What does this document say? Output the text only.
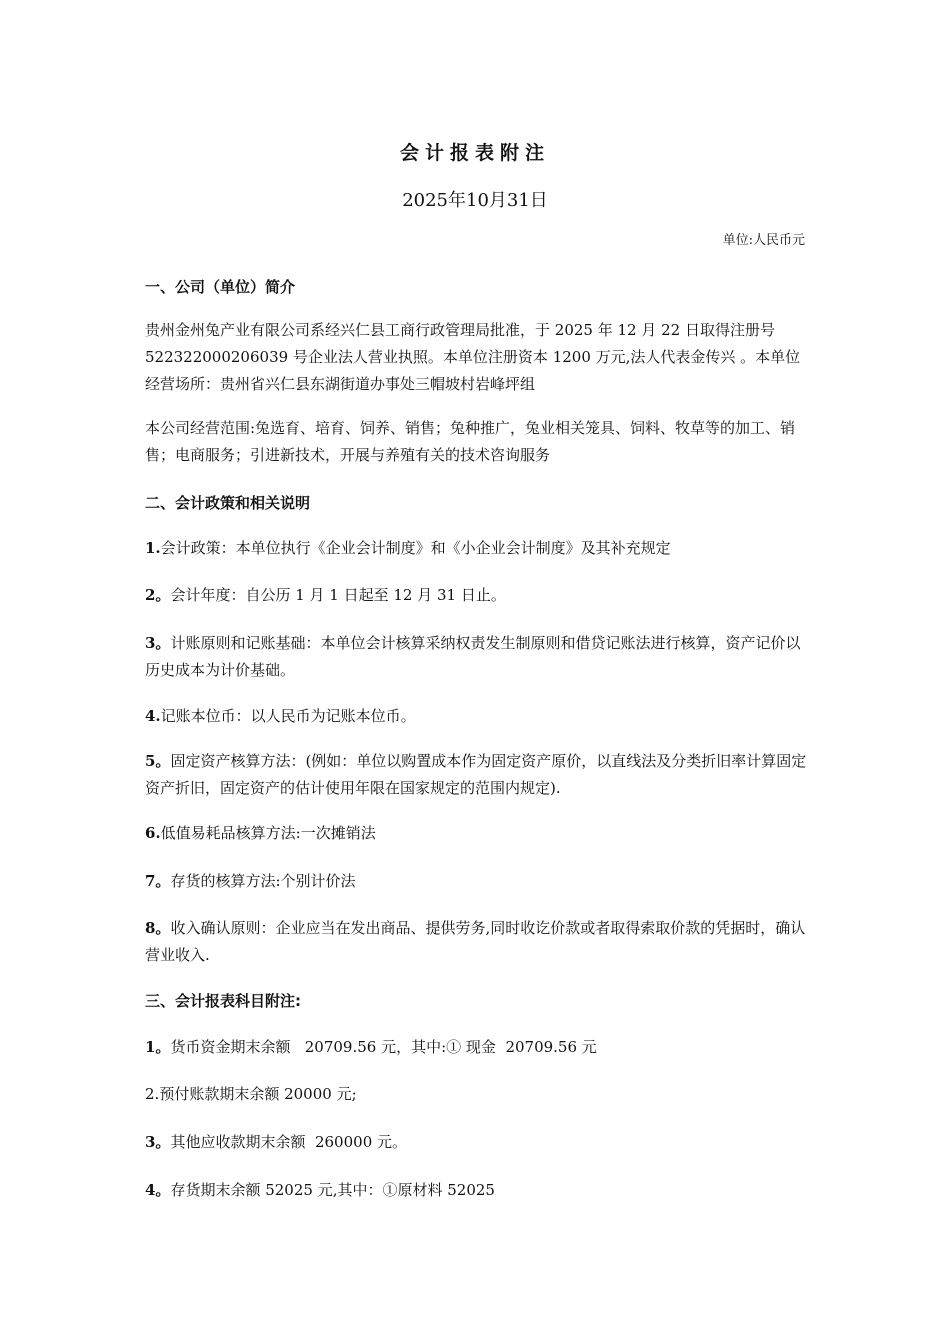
会计报表附注
2025年10月31日
单位:人民币元
一、公司（单位）简介
贵州金州兔产业有限公司系经兴仁县工商行政管理局批准，于 2025 年 12 月 22 日取得注册号 522322000206039 号企业法人营业执照。本单位注册资本 1200 万元,法人代表金传兴 。本单位经营场所：贵州省兴仁县东湖街道办事处三帽坡村岩峰坪组
本公司经营范围:兔选育、培育、饲养、销售；兔种推广，兔业相关笼具、饲料、牧草等的加工、销售；电商服务；引进新技术，开展与养殖有关的技术咨询服务
二、会计政策和相关说明
1.会计政策：本单位执行《企业会计制度》和《小企业会计制度》及其补充规定
2。会计年度：自公历 1 月 1 日起至 12 月 31 日止。
3。计账原则和记账基础：本单位会计核算采纳权责发生制原则和借贷记账法进行核算，资产记价以历史成本为计价基础。
4.记账本位币：以人民币为记账本位币。
5。固定资产核算方法：(例如：单位以购置成本作为固定资产原价，以直线法及分类折旧率计算固定资产折旧，固定资产的估计使用年限在国家规定的范围内规定).
6.低值易耗品核算方法:一次摊销法
7。存货的核算方法:个别计价法
8。收入确认原则：企业应当在发出商品、提供劳务,同时收讫价款或者取得索取价款的凭据时，确认营业收入.
三、会计报表科目附注:
1。货币资金期末余额   20709.56 元，其中:① 现金  20709.56 元
2.预付账款期末余额 20000 元;
3。其他应收款期末余额  260000 元。
4。存货期末余额 52025 元,其中：①原材料 52025
